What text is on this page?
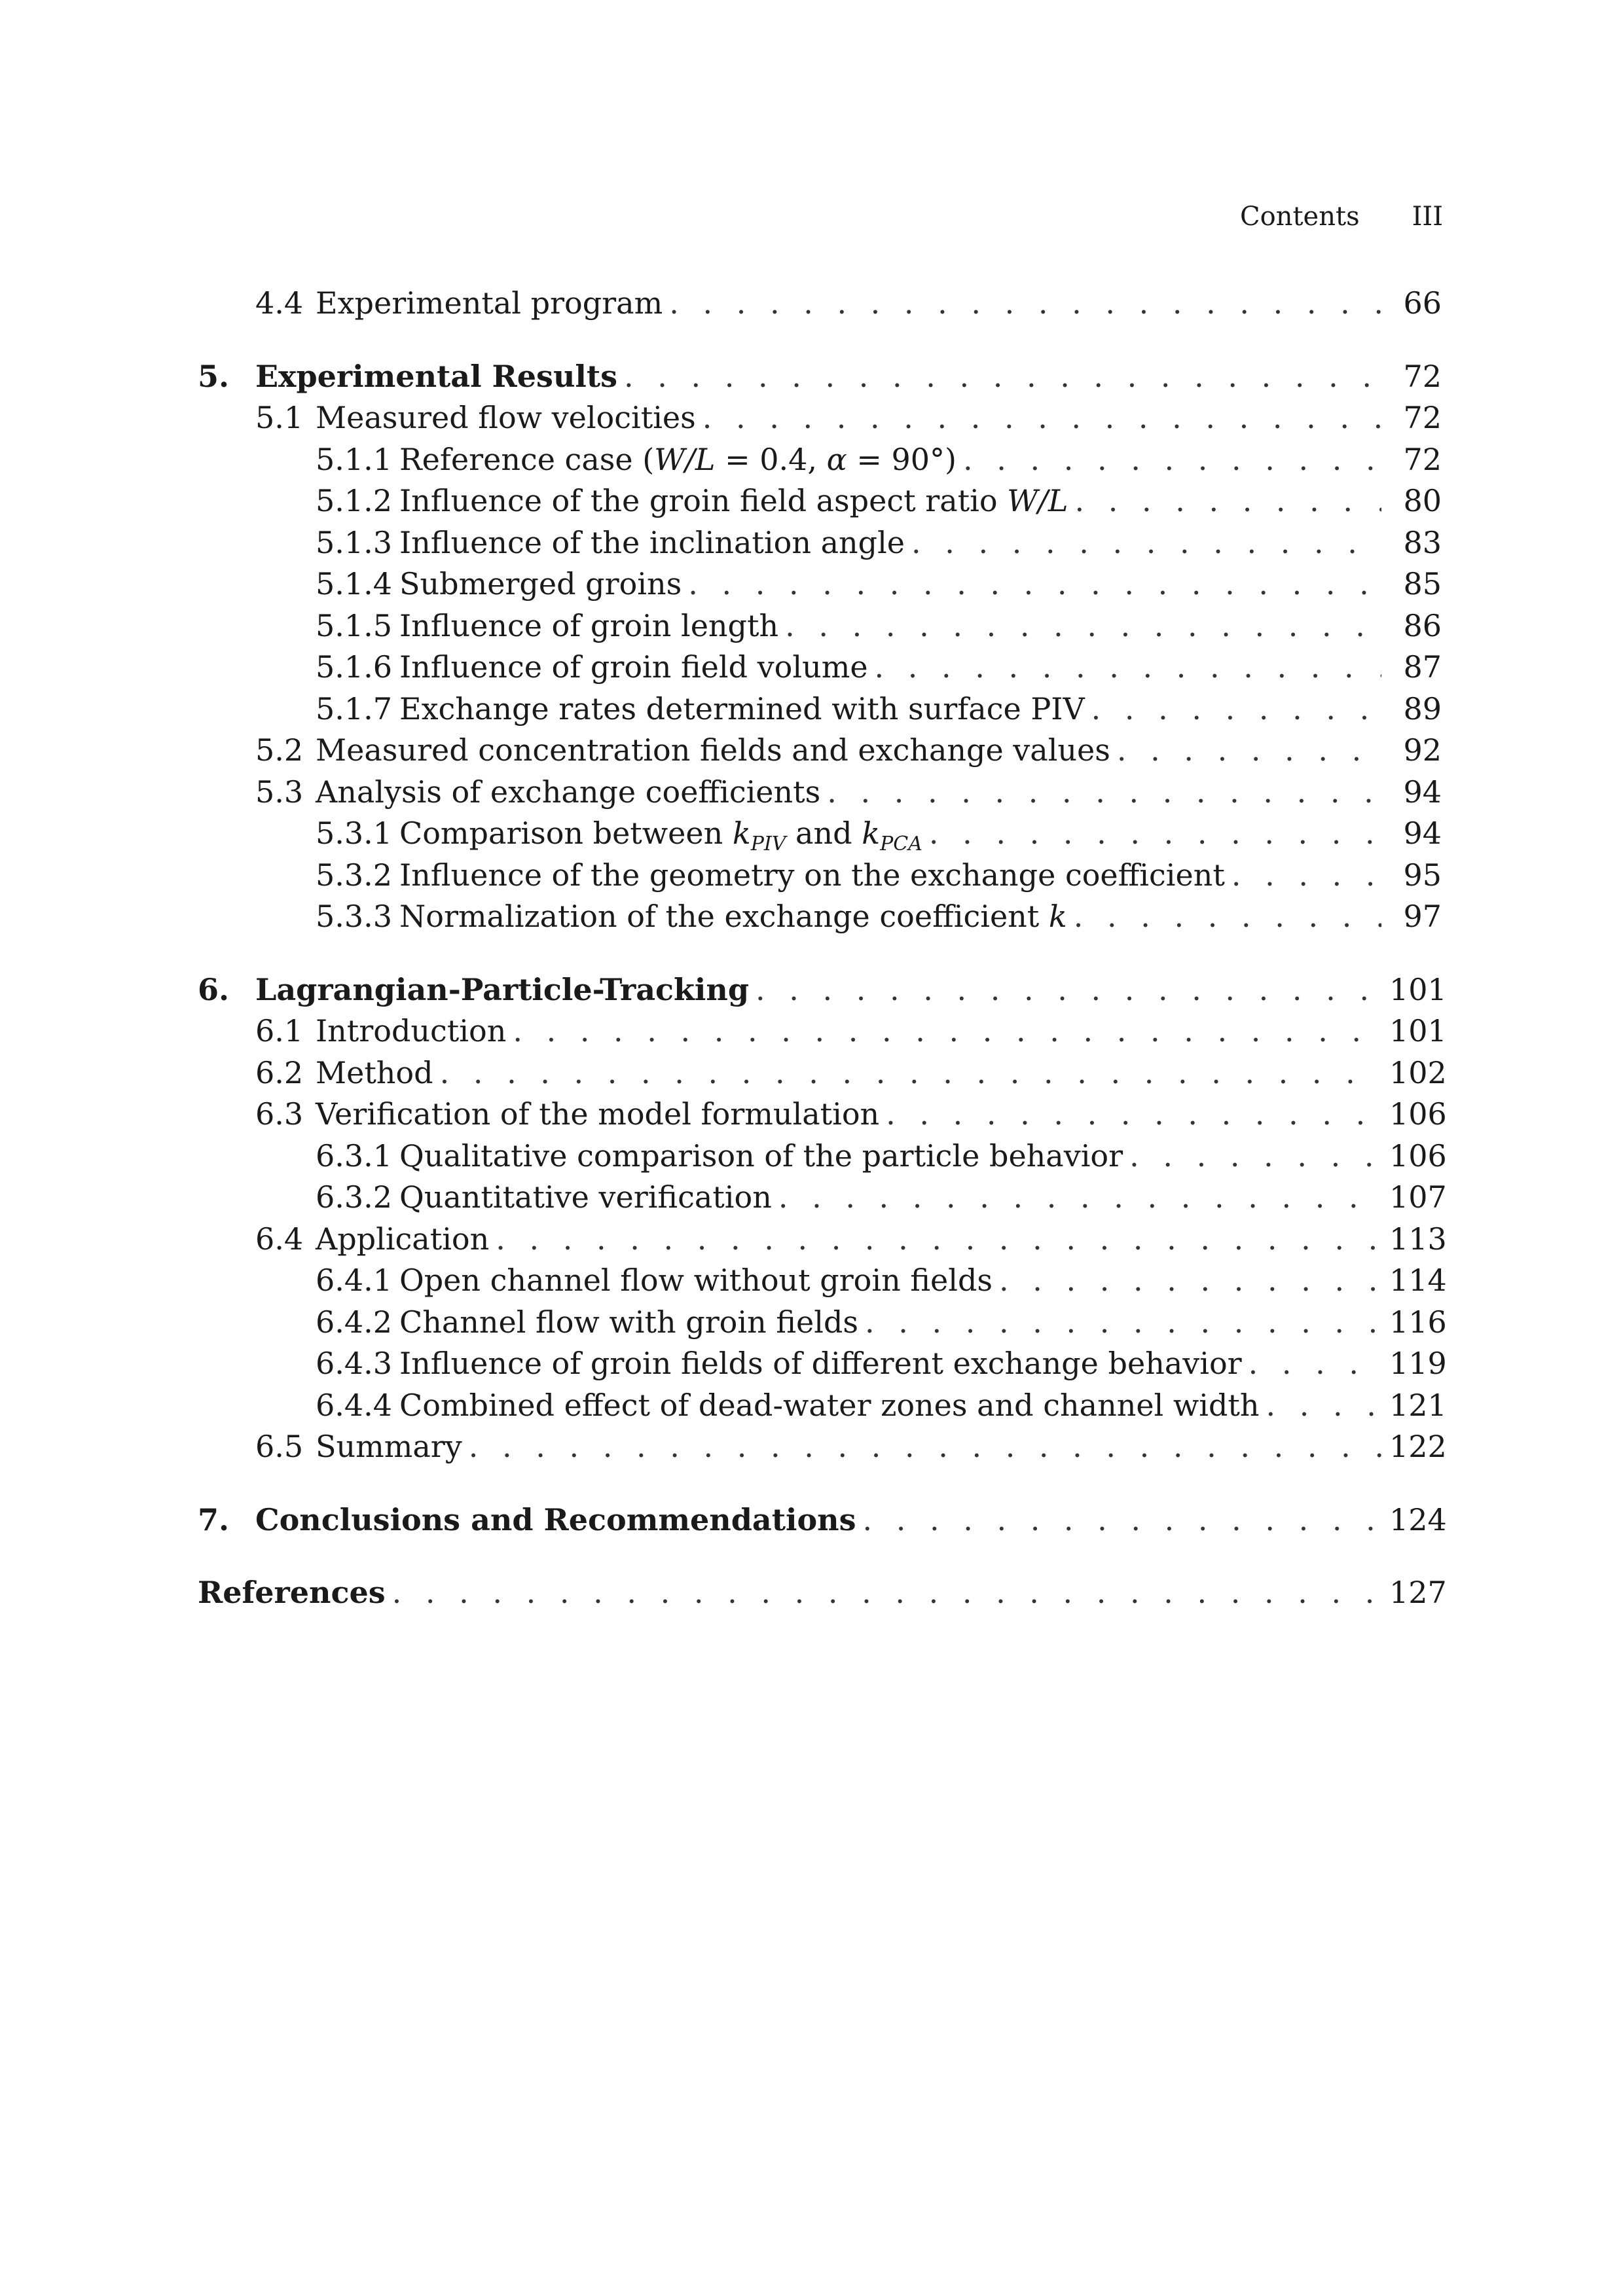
Contents III
4.4 Experimental program . . .	66
5. Experimental Results . . .	72
5.1 Measured flow velocities . . .	72
5.1.1 Reference case (W/L = 0.4, α = 90°) . . .	72
5.1.2 Influence of the groin field aspect ratio W/L . . .	80
5.1.3 Influence of the inclination angle . . .	83
5.1.4 Submerged groins . . .	85
5.1.5 Influence of groin length . . .	86
5.1.6 Influence of groin field volume . . .	87
5.1.7 Exchange rates determined with surface PIV . . .	89
5.2 Measured concentration fields and exchange values . . .	92
5.3 Analysis of exchange coefficients . . .	94
5.3.1 Comparison between $k_{PIV}$ and $k_{PCA}$ . . .	94
5.3.2 Influence of the geometry on the exchange coefficient . . .	95
5.3.3 Normalization of the exchange coefficient k . . .	97
6. Lagrangian-Particle-Tracking . . .	101
6.1 Introduction . . .	101
6.2 Method . . .	102
6.3 Verification of the model formulation . . .	106
6.3.1 Qualitative comparison of the particle behavior . . .	106
6.3.2 Quantitative verification . . .	107
6.4 Application . . .	113
6.4.1 Open channel flow without groin fields . . .	114
6.4.2 Channel flow with groin fields . . .	116
6.4.3 Influence of groin fields of different exchange behavior . . .	119
6.4.4 Combined effect of dead-water zones and channel width . . .	121
6.5 Summary . . .	122
7. Conclusions and Recommendations . . .	124
References . . .	127
